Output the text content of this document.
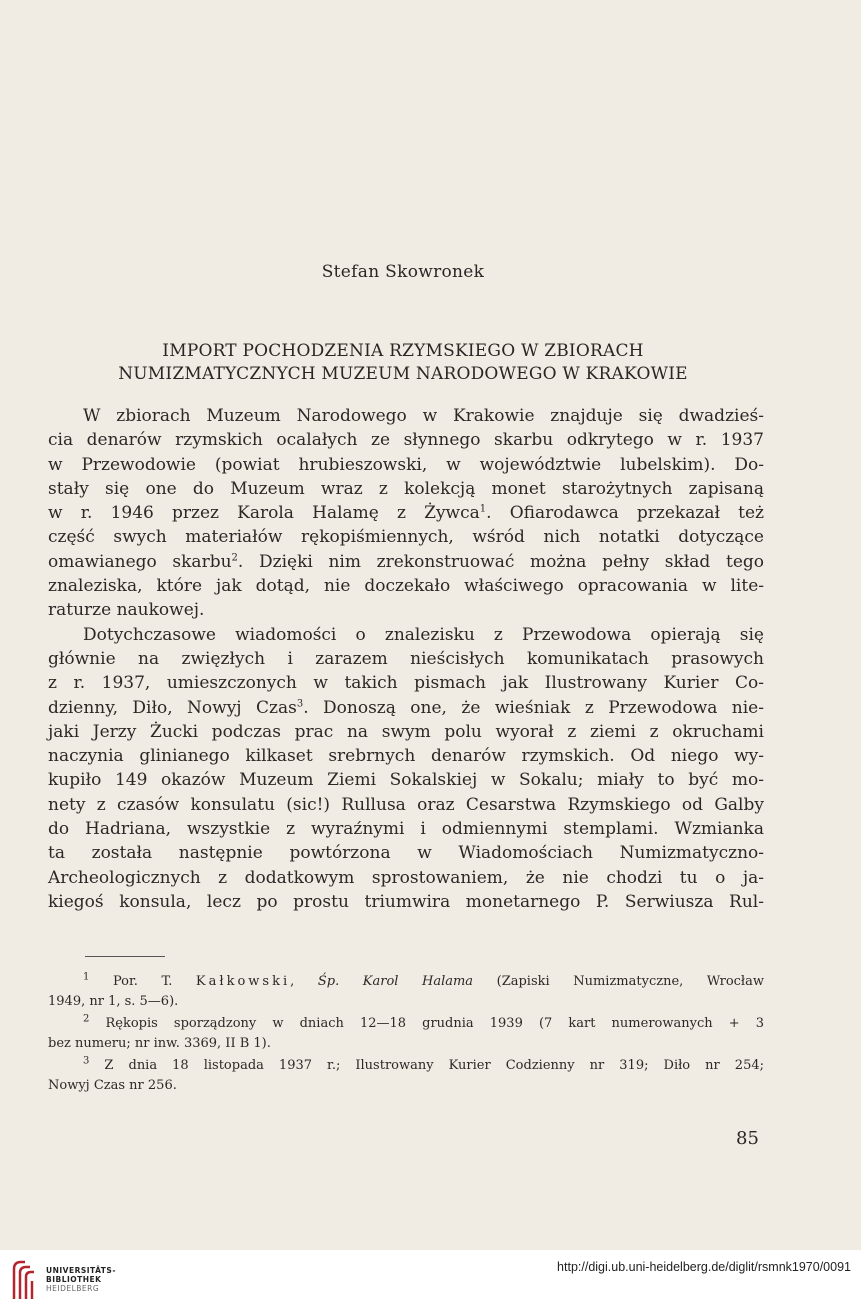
Stefan Skowronek
IMPORT POCHODZENIA RZYMSKIEGO W ZBIORACH
NUMIZMATYCZNYCH MUZEUM NARODOWEGO W KRAKOWIE

W zbiorach Muzeum Narodowego w Krakowie znajduje się dwadzieś-
cia denarów rzymskich ocalałych ze słynnego skarbu odkrytego w r. 1937
w Przewodowie (powiat hrubieszowski, w województwie lubelskim). Do-
stały się one do Muzeum wraz z kolekcją monet starożytnych zapisaną
w r. 1946 przez Karola Halamę z Żywca$^1$. Ofiarodawca przekazał też
część swych materiałów rękopiśmiennych, wśród nich notatki dotyczące
omawianego skarbu$^2$. Dzięki nim zrekonstruować można pełny skład tego
znaleziska, które jak dotąd, nie doczekało właściwego opracowania w lite-
raturze naukowej.

Dotychczasowe wiadomości o znalezisku z Przewodowa opierają się
głównie na zwięzłych i zarazem nieścisłych komunikatach prasowych
z r. 1937, umieszczonych w takich pismach jak Ilustrowany Kurier Co-
dzienny, Diło, Nowyj Czas$^3$. Donoszą one, że wieśniak z Przewodowa nie-
jaki Jerzy Żucki podczas prac na swym polu wyorał z ziemi z okruchami
naczynia glinianego kilkaset srebrnych denarów rzymskich. Od niego wy-
kupiło 149 okazów Muzeum Ziemi Sokalskiej w Sokalu; miały to być mo-
nety z czasów konsulatu (sic!) Rullusa oraz Cesarstwa Rzymskiego od Galby
do Hadriana, wszystkie z wyraźnymi i odmiennymi stemplami. Wzmianka
ta została następnie powtórzona w Wiadomościach Numizmatyczno-
Archeologicznych z dodatkowym sprostowaniem, że nie chodzi tu o ja-
kiegoś konsula, lecz po prostu triumwira monetarnego P. Serwiusza Rul-

$^1$ Por. T. Kałkowski, Śp. Karol Halama (Zapiski Numizmatyczne, Wrocław
1949, nr 1, s. 5—6).
$^2$ Rękopis sporządzony w dniach 12—18 grudnia 1939 (7 kart numerowanych + 3
bez numeru; nr inw. 3369, II B 1).
$^3$ Z dnia 18 listopada 1937 r.; Ilustrowany Kurier Codzienny nr 319; Diło nr 254;
Nowyj Czas nr 256.
85
UNIVERSITÄTS-
BIBLIOTHEK
HEIDELBERG
http://digi.ub.uni-heidelberg.de/diglit/rsmnk1970/0091
